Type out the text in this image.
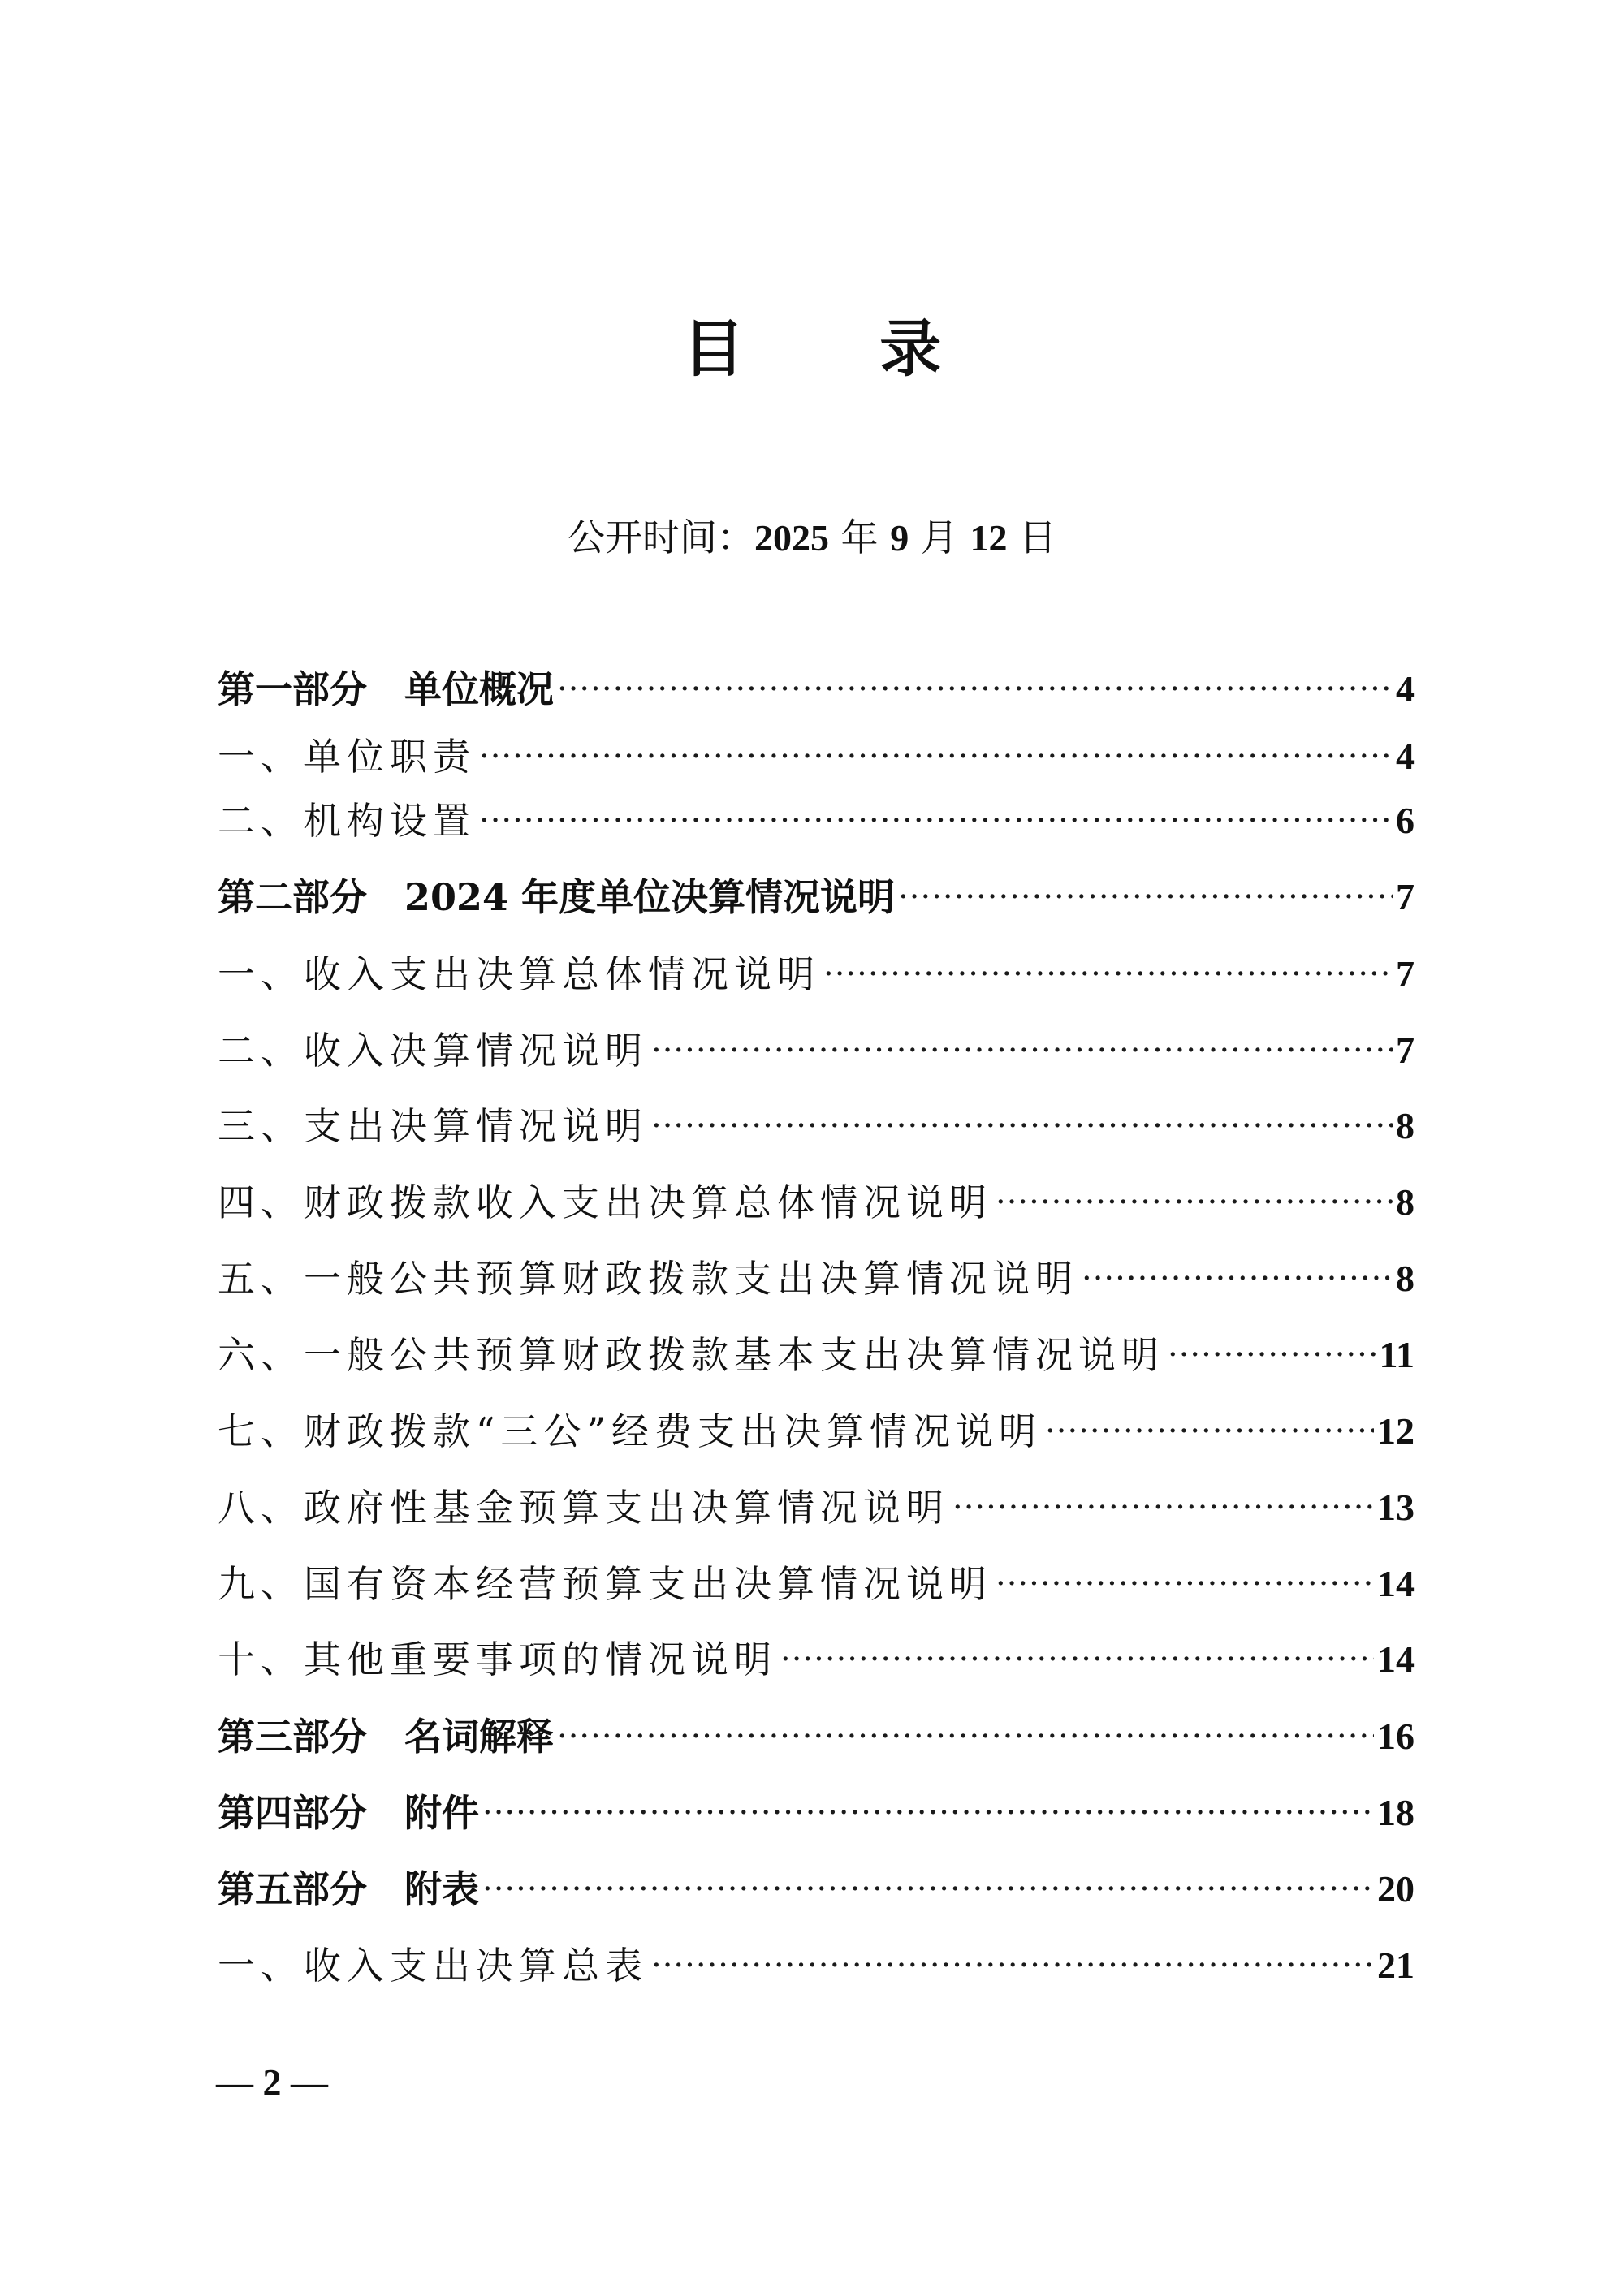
目 录
公开时间：2025 年 9 月 12 日
第一部分　单位概况 ·····	4
一、单位职责 ·····	4
二、机构设置 ·····	6
第二部分　2024 年度单位决算情况说明 ·····	7
一、收入支出决算总体情况说明 ·····	7
二、收入决算情况说明 ·····	7
三、支出决算情况说明 ·····	8
四、财政拨款收入支出决算总体情况说明 ·····	8
五、一般公共预算财政拨款支出决算情况说明 ·····	8
六、一般公共预算财政拨款基本支出决算情况说明 ·····	11
七、财政拨款“三公”经费支出决算情况说明 ·····	12
八、政府性基金预算支出决算情况说明 ·····	13
九、国有资本经营预算支出决算情况说明 ·····	14
十、其他重要事项的情况说明 ·····	14
第三部分　名词解释 ·····	16
第四部分　附件 ·····	18
第五部分　附表 ·····	20
一、收入支出决算总表 ·····	21
— 2 —
